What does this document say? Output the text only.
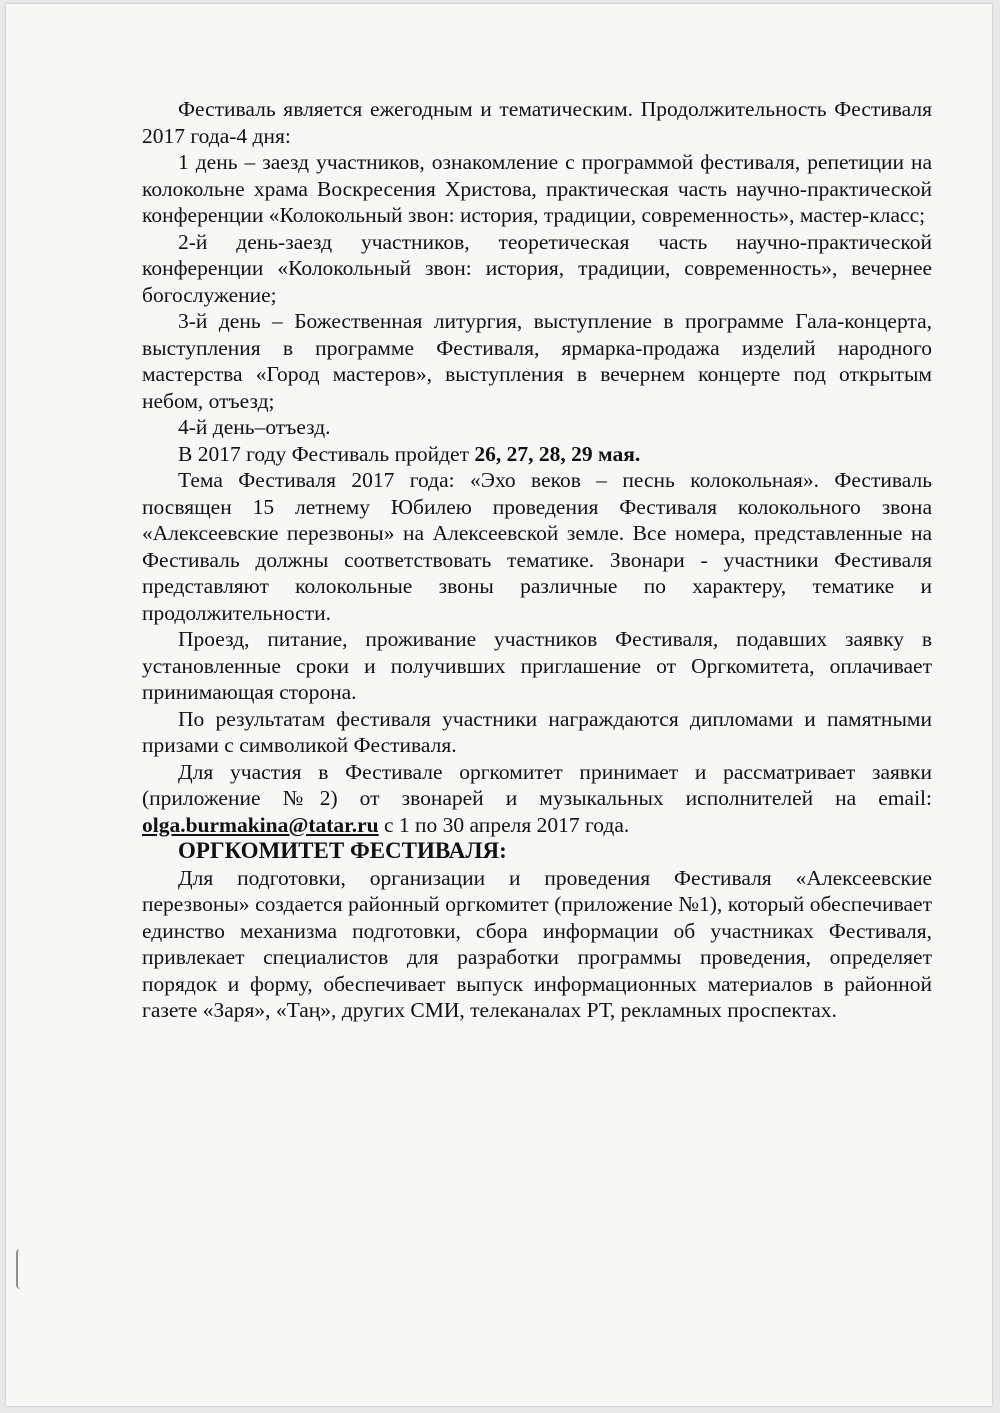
Фестиваль является ежегодным и тематическим. Продолжительность Фестиваля 2017 года-4 дня:

1 день – заезд участников, ознакомление с программой фестиваля, репетиции на колокольне храма Воскресения Христова, практическая часть научно-практической конференции «Колокольный звон: история, традиции, современность», мастер-класс;

2-й день-заезд участников, теоретическая часть научно-практической конференции «Колокольный звон: история, традиции, современность», вечернее богослужение;

3-й день – Божественная литургия, выступление в программе Гала-концерта, выступления в программе Фестиваля, ярмарка-продажа изделий народного мастерства «Город мастеров», выступления в вечернем концерте под открытым небом, отъезд;

4-й день–отъезд.

В 2017 году Фестиваль пройдет 26, 27, 28, 29 мая.

Тема Фестиваля 2017 года: «Эхо веков – песнь колокольная». Фестиваль посвящен 15 летнему Юбилею проведения Фестиваля колокольного звона «Алексеевские перезвоны» на Алексеевской земле. Все номера, представленные на Фестиваль должны соответствовать тематике. Звонари - участники Фестиваля представляют колокольные звоны различные по характеру, тематике и продолжительности.

Проезд, питание, проживание участников Фестиваля, подавших заявку в установленные сроки и получивших приглашение от Оргкомитета, оплачивает принимающая сторона.

По результатам фестиваля участники награждаются дипломами и памятными призами с символикой Фестиваля.

Для участия в Фестивале оргкомитет принимает и рассматривает заявки (приложение №2) от звонарей и музыкальных исполнителей на email: olga.burmakina@tatar.ru с 1 по 30 апреля 2017 года.

ОРГКОМИТЕТ ФЕСТИВАЛЯ:

Для подготовки, организации и проведения Фестиваля «Алексеевские перезвоны» создается районный оргкомитет (приложение №1), который обеспечивает единство механизма подготовки, сбора информации об участниках Фестиваля, привлекает специалистов для разработки программы проведения, определяет порядок и форму, обеспечивает выпуск информационных материалов в районной газете «Заря», «Таң», других СМИ, телеканалах РТ, рекламных проспектах.
